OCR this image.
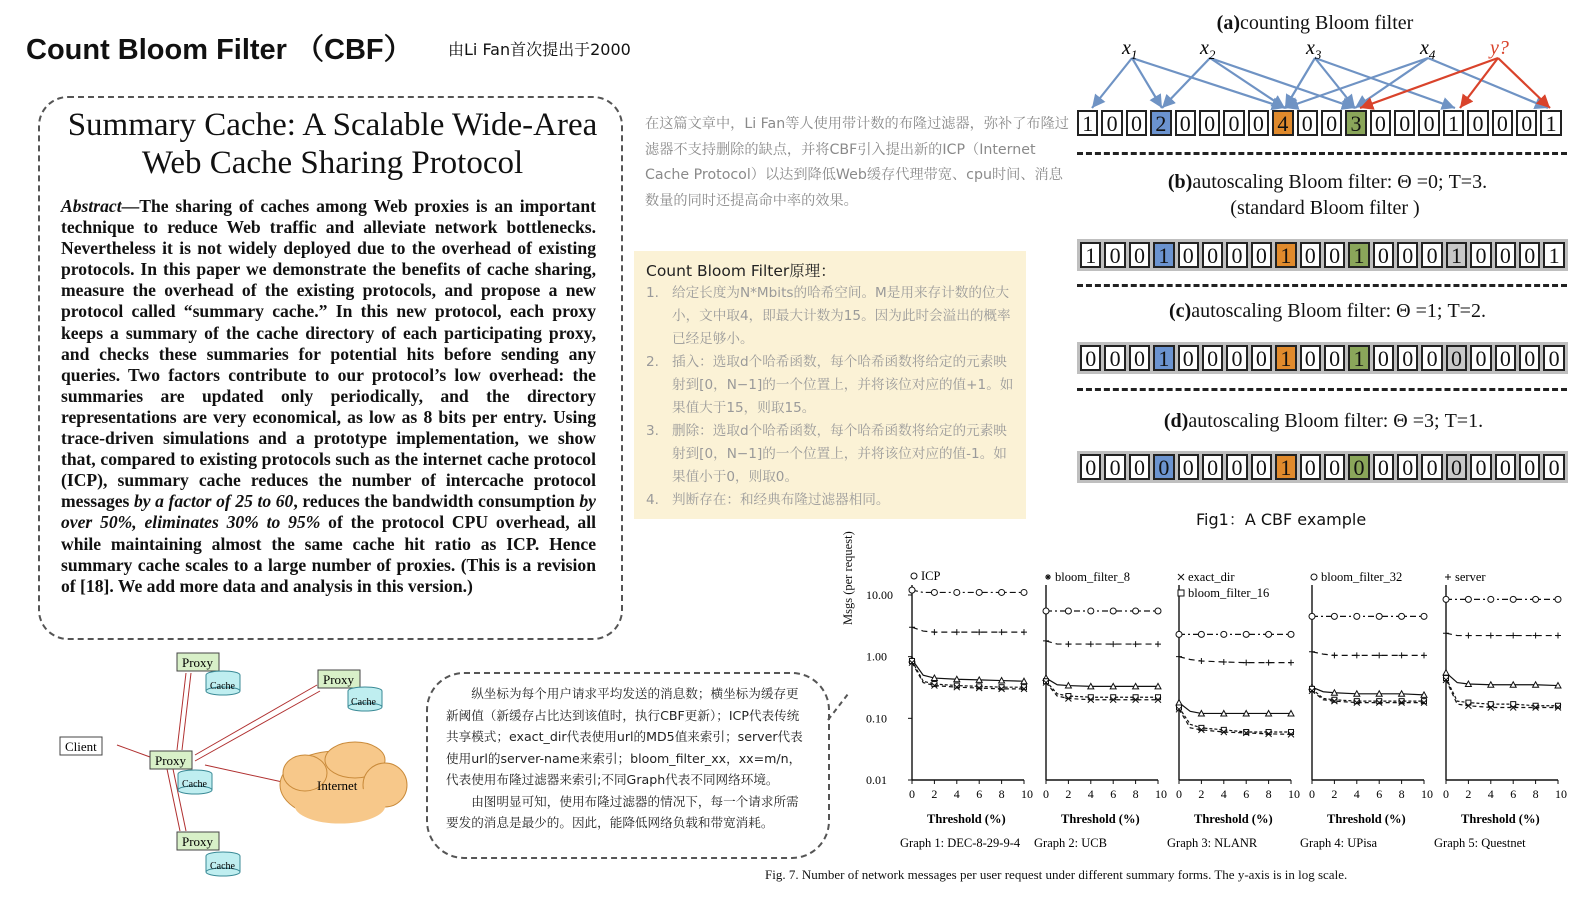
Count Bloom Filter （CBF） 由Li Fan首次提出于2000
Summary Cache: A Scalable Wide-Area
Web Cache Sharing Protocol
Abstract—The sharing of caches among Web proxies is an important technique to reduce Web traffic and alleviate network bottlenecks. Nevertheless it is not widely deployed due to the overhead of existing protocols. In this paper we demonstrate the benefits of cache sharing, measure the overhead of the existing protocols, and propose a new protocol called “summary cache.” In this new protocol, each proxy keeps a summary of the cache directory of each participating proxy, and checks these summaries for potential hits before sending any queries. Two factors contribute to our protocol’s low overhead: the summaries are updated only periodically, and the directory representations are very economical, as low as 8 bits per entry. Using trace-driven simulations and a prototype implementation, we show that, compared to existing protocols such as the internet cache protocol (ICP), summary cache reduces the number of intercache protocol messages by a factor of 25 to 60, reduces the bandwidth consumption by over 50%, eliminates 30% to 95% of the protocol CPU overhead, all while maintaining almost the same cache hit ratio as ICP. Hence summary cache scales to a large number of proxies. (This is a revision of [18]. We add more data and analysis in this version.)
在这篇文章中，Li Fan等人使用带计数的布隆过滤器，弥补了布隆过滤器不支持删除的缺点，并将CBF引入提出新的ICP（Internet Cache Protocol）以达到降低Web缓存代理带宽、cpu时间、消息数量的同时还提高命中率的效果。
Count Bloom Filter原理：
1. 给定长度为N*Mbits的哈希空间。M是用来存计数的位大小，文中取4，即最大计数为15。因为此时会溢出的概率已经足够小。
2. 插入：选取d个哈希函数，每个哈希函数将给定的元素映射到[0，N−1]的一个位置上，并将该位对应的值+1。如果值大于15，则取15。
3. 删除：选取d个哈希函数，每个哈希函数将给定的元素映射到[0，N−1]的一个位置上，并将该位对应的值-1。如果值小于0，则取0。
4. 判断存在：和经典布隆过滤器相同。
(a)counting Bloom filter
$x_1$	$x_2$	$x_3$	$x_4$	y?
1 0 0 2 0 0 0 0 4 0 0 3 0 0 0 1 0 0 0 1
(b)autoscaling Bloom filter: Θ =0; T=3.
(standard Bloom filter )
1 0 0 1 0 0 0 0 1 0 0 1 0 0 0 1 0 0 0 1
(c)autoscaling Bloom filter: Θ =1; T=2.
0 0 0 1 0 0 0 0 1 0 0 1 0 0 0 0 0 0 0 0
(d)autoscaling Bloom filter: Θ =3; T=1.
0 0 0 0 0 0 0 0 1 0 0 0 0 0 0 0 0 0 0 0
Fig1：A CBF example
Internet
Proxy
Cache	Proxy
Cache
Client
Proxy
Cache
Proxy
Cache

纵坐标为每个用户请求平均发送的消息数；横坐标为缓存更新阈值（新缓存占比达到该值时，执行CBF更新）；ICP代表传统共享模式；exact_dir代表使用url的MD5值来索引；server代表使用url的server-name来索引；bloom_filter_xx，xx=m/n，代表使用布隆过滤器来索引;不同Graph代表不同网络环境。

由图明显可知，使用布隆过滤器的情况下，每一个请求所需要发的消息是最少的。因此，能降低网络负载和带宽消耗。

10.00
1.00
0.10
0.01
0 2 4 6 8 10
Threshold (%)
Graph 1: DEC-8-29-9-4
0 2 4 6 8 10
Threshold (%)
Graph 2: UCB
0 2 4 6 8 10
Threshold (%)
Graph 3: NLANR
0 2 4 6 8 10
Threshold (%)
Graph 4: UPisa
0 2 4 6 8 10
Threshold (%)
Graph 5: Questnet
ICP	bloom_filter_8	exact_dir
bloom_filter_16
bloom_filter_32	server
Msgs (per request)
Fig. 7. Number of network messages per user request under different summary forms. The y-axis is in log scale.
